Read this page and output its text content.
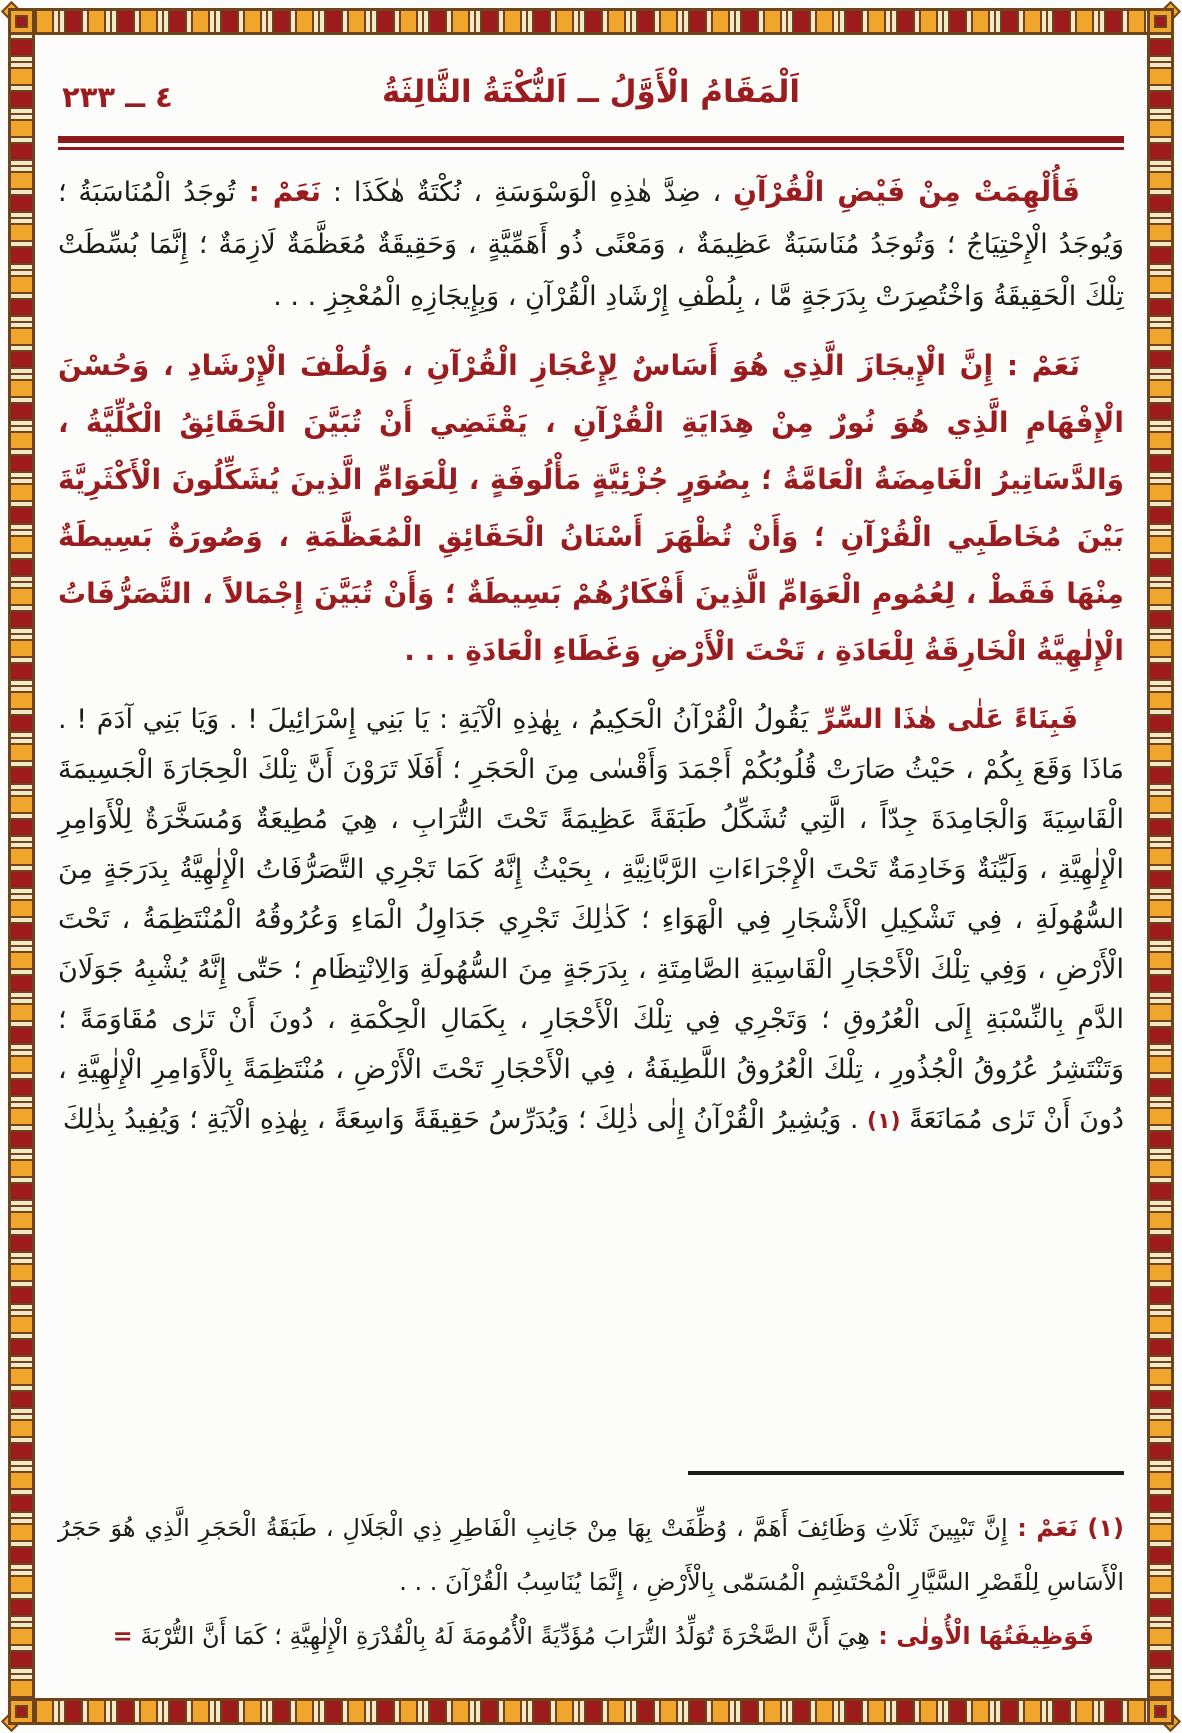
٤ ــ ٢٣٣	اَلْمَقَامُ الْأَوَّلُ ــ اَلنُّكْتَةُ الثَّالِثَةُ

فَأُلْهِمَتْ مِنْ فَيْضِ الْقُرْآنِ ، ضِدَّ هٰذِهِ الْوَسْوَسَةِ ، نُكْتَةٌ هٰكَذَا : نَعَمْ : تُوجَدُ الْمُنَاسَبَةُ ؛ وَيُوجَدُ الْإِحْتِيَاجُ ؛ وَتُوجَدُ مُنَاسَبَةٌ عَظِيمَةٌ ، وَمَعْنًى ذُو أَهَمِّيَّةٍ ، وَحَقِيقَةٌ مُعَظَّمَةٌ لَازِمَةٌ ؛ إِنَّمَا بُسِّطَتْ تِلْكَ الْحَقِيقَةُ وَاخْتُصِرَتْ بِدَرَجَةٍ مَّا ، بِلُطْفِ إِرْشَادِ الْقُرْآنِ ، وَبِإِيجَازِهِ الْمُعْجِزِ . . .

نَعَمْ : إِنَّ الْإِيجَازَ الَّذِي هُوَ أَسَاسٌ لِإِعْجَازِ الْقُرْآنِ ، وَلُطْفَ الْإِرْشَادِ ، وَحُسْنَ الْإِفْهَامِ الَّذِي هُوَ نُورٌ مِنْ هِدَايَةِ الْقُرْآنِ ، يَقْتَضِي أَنْ تُبَيَّنَ الْحَقَائِقُ الْكُلِّيَّةُ ، وَالدَّسَاتِيرُ الْغَامِضَةُ الْعَامَّةُ ؛ بِصُوَرٍ جُزْئِيَّةٍ مَأْلُوفَةٍ ، لِلْعَوَامِّ الَّذِينَ يُشَكِّلُونَ الْأَكْثَرِيَّةَ بَيْنَ مُخَاطَبِي الْقُرْآنِ ؛ وَأَنْ تُظْهَرَ أَسْنَانُ الْحَقَائِقِ الْمُعَظَّمَةِ ، وَصُورَةٌ بَسِيطَةٌ مِنْهَا فَقَطْ ، لِعُمُومِ الْعَوَامِّ الَّذِينَ أَفْكَارُهُمْ بَسِيطَةٌ ؛ وَأَنْ تُبَيَّنَ إِجْمَالاً ، التَّصَرُّفَاتُ الْإِلٰهِيَّةُ الْخَارِقَةُ لِلْعَادَةِ ، تَحْتَ الْأَرْضِ وَغَطَاءِ الْعَادَةِ . . .

فَبِنَاءً عَلٰى هٰذَا السِّرِّ يَقُولُ الْقُرْآنُ الْحَكِيمُ ، بِهٰذِهِ الْآيَةِ : يَا بَنِي إِسْرَائِيلَ ! . وَيَا بَنِي آدَمَ ! . مَاذَا وَقَعَ بِكُمْ ، حَيْثُ صَارَتْ قُلُوبُكُمْ أَجْمَدَ وَأَقْسٰى مِنَ الْحَجَرِ ؛ أَفَلَا تَرَوْنَ أَنَّ تِلْكَ الْحِجَارَةَ الْجَسِيمَةَ الْقَاسِيَةَ وَالْجَامِدَةَ جِدّاً ، الَّتِي تُشَكِّلُ طَبَقَةً عَظِيمَةً تَحْتَ التُّرَابِ ، هِيَ مُطِيعَةٌ وَمُسَخَّرَةٌ لِلْأَوَامِرِ الْإِلٰهِيَّةِ ، وَلَيِّنَةٌ وَخَادِمَةٌ تَحْتَ الْإِجْرَاءَاتِ الرَّبَّانِيَّةِ ، بِحَيْثُ إِنَّهُ كَمَا تَجْرِي التَّصَرُّفَاتُ الْإِلٰهِيَّةُ بِدَرَجَةٍ مِنَ السُّهُولَةِ ، فِي تَشْكِيلِ الْأَشْجَارِ فِي الْهَوَاءِ ؛ كَذٰلِكَ تَجْرِي جَدَاوِلُ الْمَاءِ وَعُرُوقُهُ الْمُنْتَظِمَةُ ، تَحْتَ الْأَرْضِ ، وَفِي تِلْكَ الْأَحْجَارِ الْقَاسِيَةِ الصَّامِتَةِ ، بِدَرَجَةٍ مِنَ السُّهُولَةِ وَالِانْتِظَامِ ؛ حَتّٰى إِنَّهُ يُشْبِهُ جَوَلَانَ الدَّمِ بِالنِّسْبَةِ إِلَى الْعُرُوقِ ؛ وَتَجْرِي فِي تِلْكَ الْأَحْجَارِ ، بِكَمَالِ الْحِكْمَةِ ، دُونَ أَنْ تَرٰى مُقَاوَمَةً ؛ وَتَنْتَشِرُ عُرُوقُ الْجُذُورِ ، تِلْكَ الْعُرُوقُ اللَّطِيفَةُ ، فِي الْأَحْجَارِ تَحْتَ الْأَرْضِ ، مُنْتَظِمَةً بِالْأَوَامِرِ الْإِلٰهِيَّةِ ، دُونَ أَنْ تَرٰى مُمَانَعَةً (١) . وَيُشِيرُ الْقُرْآنُ إِلٰى ذٰلِكَ ؛ وَيُدَرِّسُ حَقِيقَةً وَاسِعَةً ، بِهٰذِهِ الْآيَةِ ؛ وَيُفِيدُ بِذٰلِكَ

(١) نَعَمْ : إِنَّ تَبْيِينَ ثَلَاثِ وَظَائِفَ أَهَمَّ ، وُظِّفَتْ بِهَا مِنْ جَانِبِ الْفَاطِرِ ذِي الْجَلَالِ ، طَبَقَةُ الْحَجَرِ الَّذِي هُوَ حَجَرُ الْأَسَاسِ لِلْقَصْرِ السَّيَّارِ الْمُحْتَشِمِ الْمُسَمّٰى بِالْأَرْضِ ، إِنَّمَا يُنَاسِبُ الْقُرْآنَ . . .

فَوَظِيفَتُهَا الْأُولٰى : هِيَ أَنَّ الصَّخْرَةَ تُوَلِّدُ التُّرَابَ مُؤَدِّيَةً الْأُمُومَةَ لَهُ بِالْقُدْرَةِ الْإِلٰهِيَّةِ ؛ كَمَا أَنَّ التُّرْبَةَ =
